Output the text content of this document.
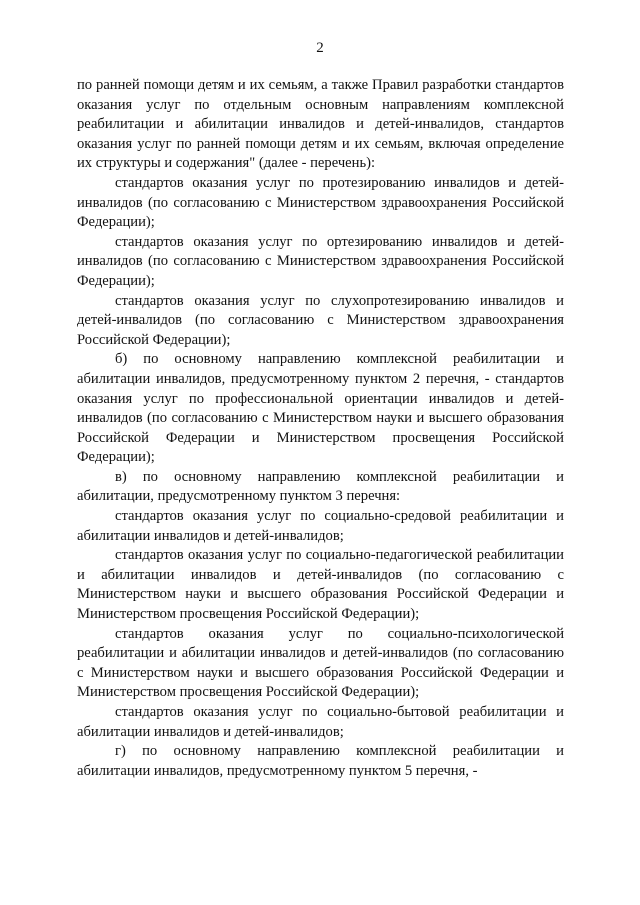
2

по ранней помощи детям и их семьям, а также Правил разработки стандартов оказания услуг по отдельным основным направлениям комплексной реабилитации и абилитации инвалидов и детей-инвалидов, стандартов оказания услуг по ранней помощи детям и их семьям, включая определение их структуры и содержания" (далее - перечень):

стандартов оказания услуг по протезированию инвалидов и детей-инвалидов (по согласованию с Министерством здравоохранения Российской Федерации);

стандартов оказания услуг по ортезированию инвалидов и детей-инвалидов (по согласованию с Министерством здравоохранения Российской Федерации);

стандартов оказания услуг по слухопротезированию инвалидов и детей-инвалидов (по согласованию с Министерством здравоохранения Российской Федерации);

б) по основному направлению комплексной реабилитации и абилитации инвалидов, предусмотренному пунктом 2 перечня, - стандартов оказания услуг по профессиональной ориентации инвалидов и детей-инвалидов (по согласованию с Министерством науки и высшего образования Российской Федерации и Министерством просвещения Российской Федерации);

в) по основному направлению комплексной реабилитации и абилитации, предусмотренному пунктом 3 перечня:

стандартов оказания услуг по социально-средовой реабилитации и абилитации инвалидов и детей-инвалидов;

стандартов оказания услуг по социально-педагогической реабилитации и абилитации инвалидов и детей-инвалидов (по согласованию с Министерством науки и высшего образования Российской Федерации и Министерством просвещения Российской Федерации);

стандартов оказания услуг по социально-психологической реабилитации и абилитации инвалидов и детей-инвалидов (по согласованию с Министерством науки и высшего образования Российской Федерации и Министерством просвещения Российской Федерации);

стандартов оказания услуг по социально-бытовой реабилитации и абилитации инвалидов и детей-инвалидов;

г) по основному направлению комплексной реабилитации и абилитации инвалидов, предусмотренному пунктом 5 перечня, -
